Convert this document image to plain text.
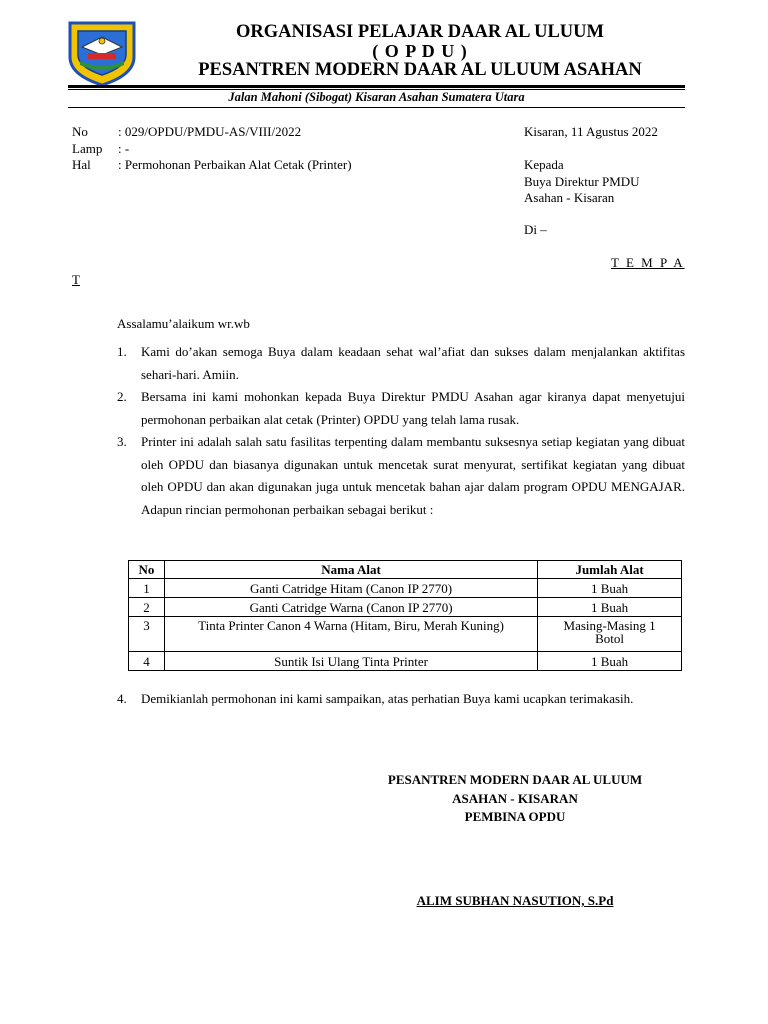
ORGANISASI PELAJAR DAAR AL ULUUM
( O P D U )
PESANTREN MODERN DAAR AL ULUUM ASAHAN
Jalan Mahoni (Sibogat) Kisaran Asahan Sumatera Utara
No : 029/OPDU/PMDU-AS/VIII/2022
Lamp : -
Hal : Permohonan Perbaikan Alat Cetak (Printer)
Kisaran, 11 Agustus 2022
Kepada
Buya Direktur PMDU
Asahan - Kisaran
Di –
T E M P A
T
Assalamu’alaikum wr.wb
1. Kami do’akan semoga Buya dalam keadaan sehat wal’afiat dan sukses dalam menjalankan aktifitas sehari-hari. Amiin.
2. Bersama ini kami mohonkan kepada Buya Direktur PMDU Asahan agar kiranya dapat menyetujui permohonan perbaikan alat cetak (Printer) OPDU yang telah lama rusak.
3. Printer ini adalah salah satu fasilitas terpenting dalam membantu suksesnya setiap kegiatan yang dibuat oleh OPDU dan biasanya digunakan untuk mencetak surat menyurat, sertifikat kegiatan yang dibuat oleh OPDU dan akan digunakan juga untuk mencetak bahan ajar dalam program OPDU MENGAJAR. Adapun rincian permohonan perbaikan sebagai berikut :
No	Nama Alat	Jumlah Alat
1	Ganti Catridge Hitam (Canon IP 2770)	1 Buah
2	Ganti Catridge Warna (Canon IP 2770)	1 Buah
3	Tinta Printer Canon 4 Warna (Hitam, Biru, Merah Kuning)	Masing-Masing 1 Botol
4	Suntik Isi Ulang Tinta Printer	1 Buah
4. Demikianlah permohonan ini kami sampaikan, atas perhatian Buya kami ucapkan terimakasih.
PESANTREN MODERN DAAR AL ULUUM
ASAHAN - KISARAN
PEMBINA OPDU
ALIM SUBHAN NASUTION, S.Pd
